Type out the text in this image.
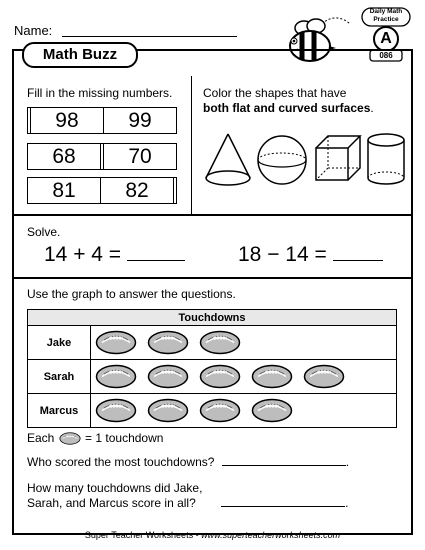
Name:
Daily Math
Practice
A
086
Math Buzz
Fill in the missing numbers.
	98	99
68		70
81	82	
Color the shapes that have
both flat and curved surfaces.
Solve.
14 + 4 =	18 − 14 =
Use the graph to answer the questions.
Touchdowns	
Jake	
Sarah	
Marcus	
Each	= 1 touchdown
Who scored the most touchdowns?	.
How many touchdowns did Jake,
Sarah, and Marcus score in all?	.
Super Teacher Worksheets - www.superteacherworksheets.com
